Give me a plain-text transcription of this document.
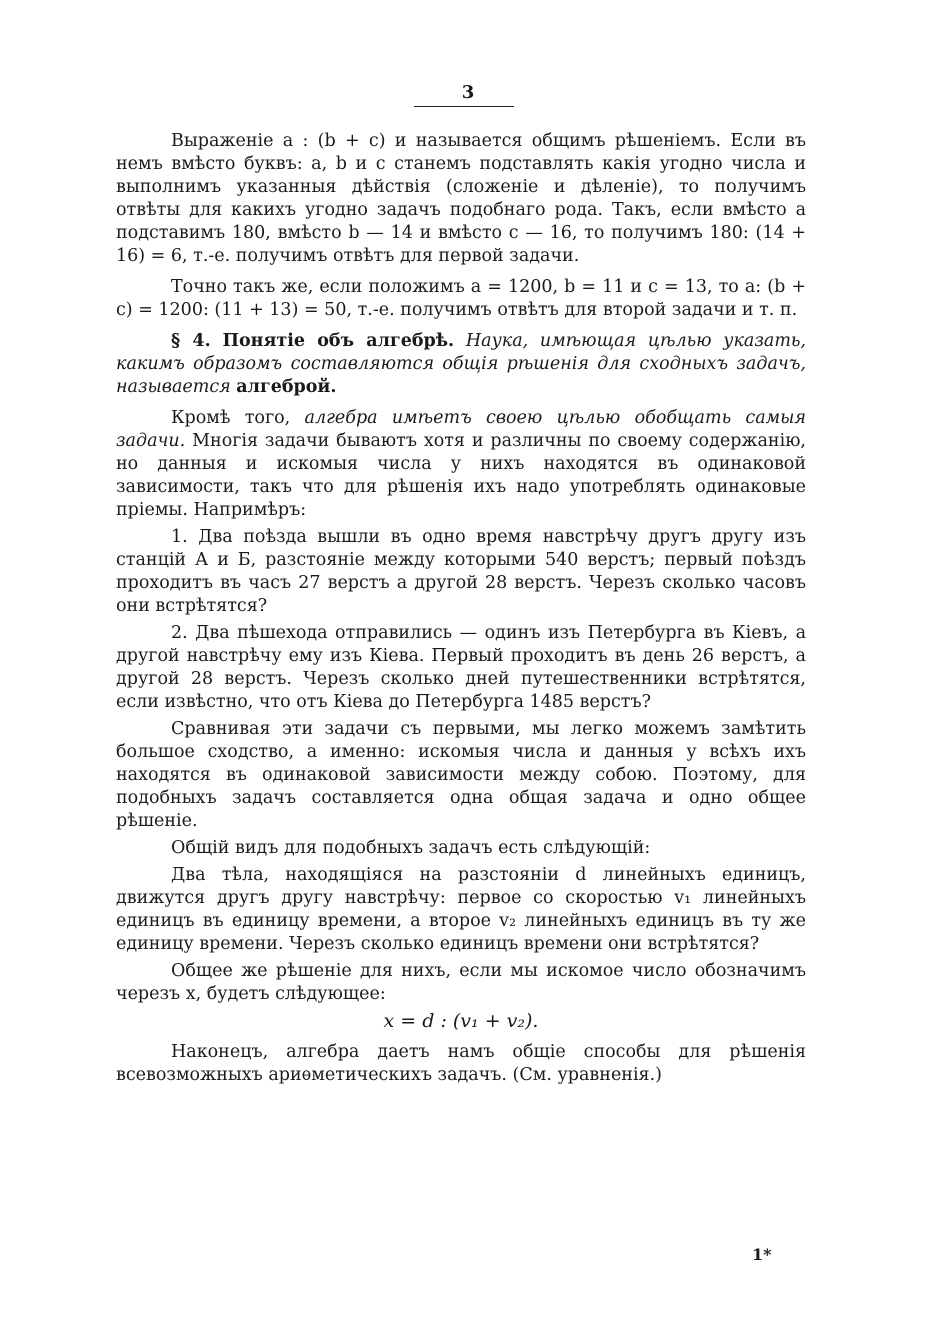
3

Выраженіе a : (b + c) и называется общимъ рѣшеніемъ. Если въ немъ вмѣсто буквъ: a, b и c станемъ подставлять какія угодно числа и выполнимъ указанныя дѣйствія (сложеніе и дѣленіе), то получимъ отвѣты для какихъ угодно задачъ подобнаго рода. Такъ, если вмѣсто a подставимъ 180, вмѣсто b — 14 и вмѣсто c — 16, то получимъ 180: (14 + 16) = 6, т.-е. получимъ отвѣтъ для первой задачи.

Точно такъ же, если положимъ a = 1200, b = 11 и c = 13, то a: (b + c) = 1200: (11 + 13) = 50, т.-е. получимъ отвѣтъ для второй задачи и т. п.

§ 4. Понятіе объ алгебрѣ. Наука, имѣющая цѣлью указать, какимъ образомъ составляются общія рѣшенія для сходныхъ задачъ, называется алгеброй.

Кромѣ того, алгебра имѣетъ своею цѣлью обобщать самыя задачи. Многія задачи бываютъ хотя и различны по своему содержанію, но данныя и искомыя числа у нихъ находятся въ одинаковой зависимости, такъ что для рѣшенія ихъ надо употреблять одинаковые пріемы. Напримѣръ:

1. Два поѣзда вышли въ одно время навстрѣчу другъ другу изъ станцій А и Б, разстояніе между которыми 540 верстъ; первый поѣздъ проходитъ въ часъ 27 верстъ а другой 28 верстъ. Черезъ сколько часовъ они встрѣтятся?

2. Два пѣшехода отправились — одинъ изъ Петербурга въ Кіевъ, а другой навстрѣчу ему изъ Кіева. Первый проходитъ въ день 26 верстъ, а другой 28 верстъ. Черезъ сколько дней путешественники встрѣтятся, если извѣстно, что отъ Кіева до Петербурга 1485 верстъ?

Сравнивая эти задачи съ первыми, мы легко можемъ замѣтить большое сходство, а именно: искомыя числа и данныя у всѣхъ ихъ находятся въ одинаковой зависимости между собою. Поэтому, для подобныхъ задачъ составляется одна общая задача и одно общее рѣшеніе.

Общій видъ для подобныхъ задачъ есть слѣдующій:

Два тѣла, находящіяся на разстояніи d линейныхъ единицъ, движутся другъ другу навстрѣчу: первое со скоростью v₁ линейныхъ единицъ въ единицу времени, а второе v₂ линейныхъ единицъ въ ту же единицу времени. Черезъ сколько единицъ времени они встрѣтятся?

Общее же рѣшеніе для нихъ, если мы искомое число обозначимъ черезъ x, будетъ слѣдующее:

x = d : (v₁ + v₂).

Наконецъ, алгебра даетъ намъ общіе способы для рѣшенія всевозможныхъ ариѳметическихъ задачъ. (См. уравненія.)

1*
